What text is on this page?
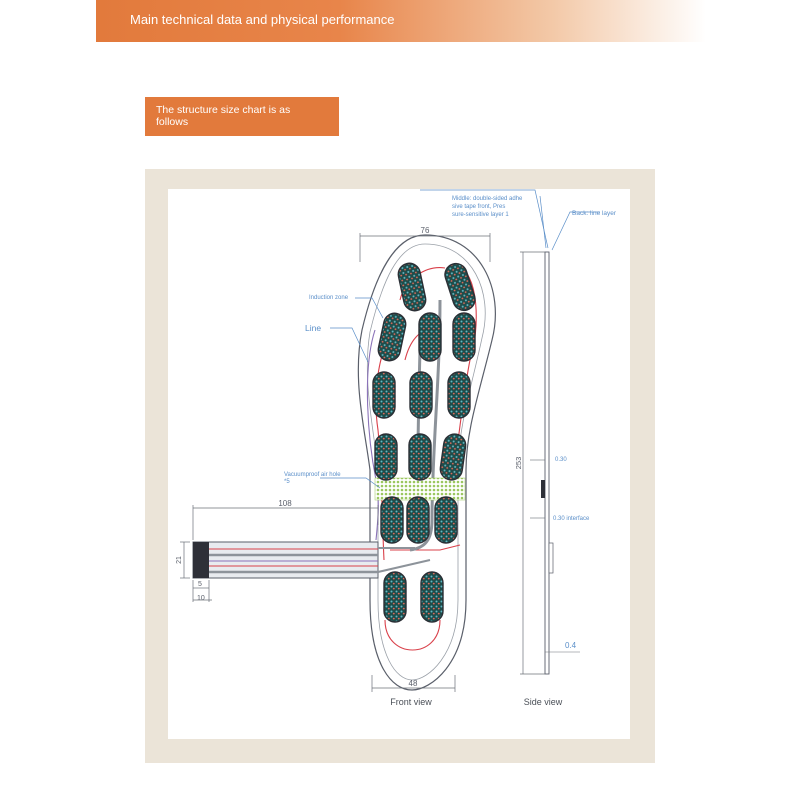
Main technical data and physical performance
The structure size chart is as follows
76
108
21
5
10
48
Induction zone
Line
Vacuumproof air hole
*5
253	0.30
0.30 interface
0.4
Middle: double-sided adhe
sive tape front, Pres
sure-sensitive layer 1	Back: line layer
Front view	Side view
